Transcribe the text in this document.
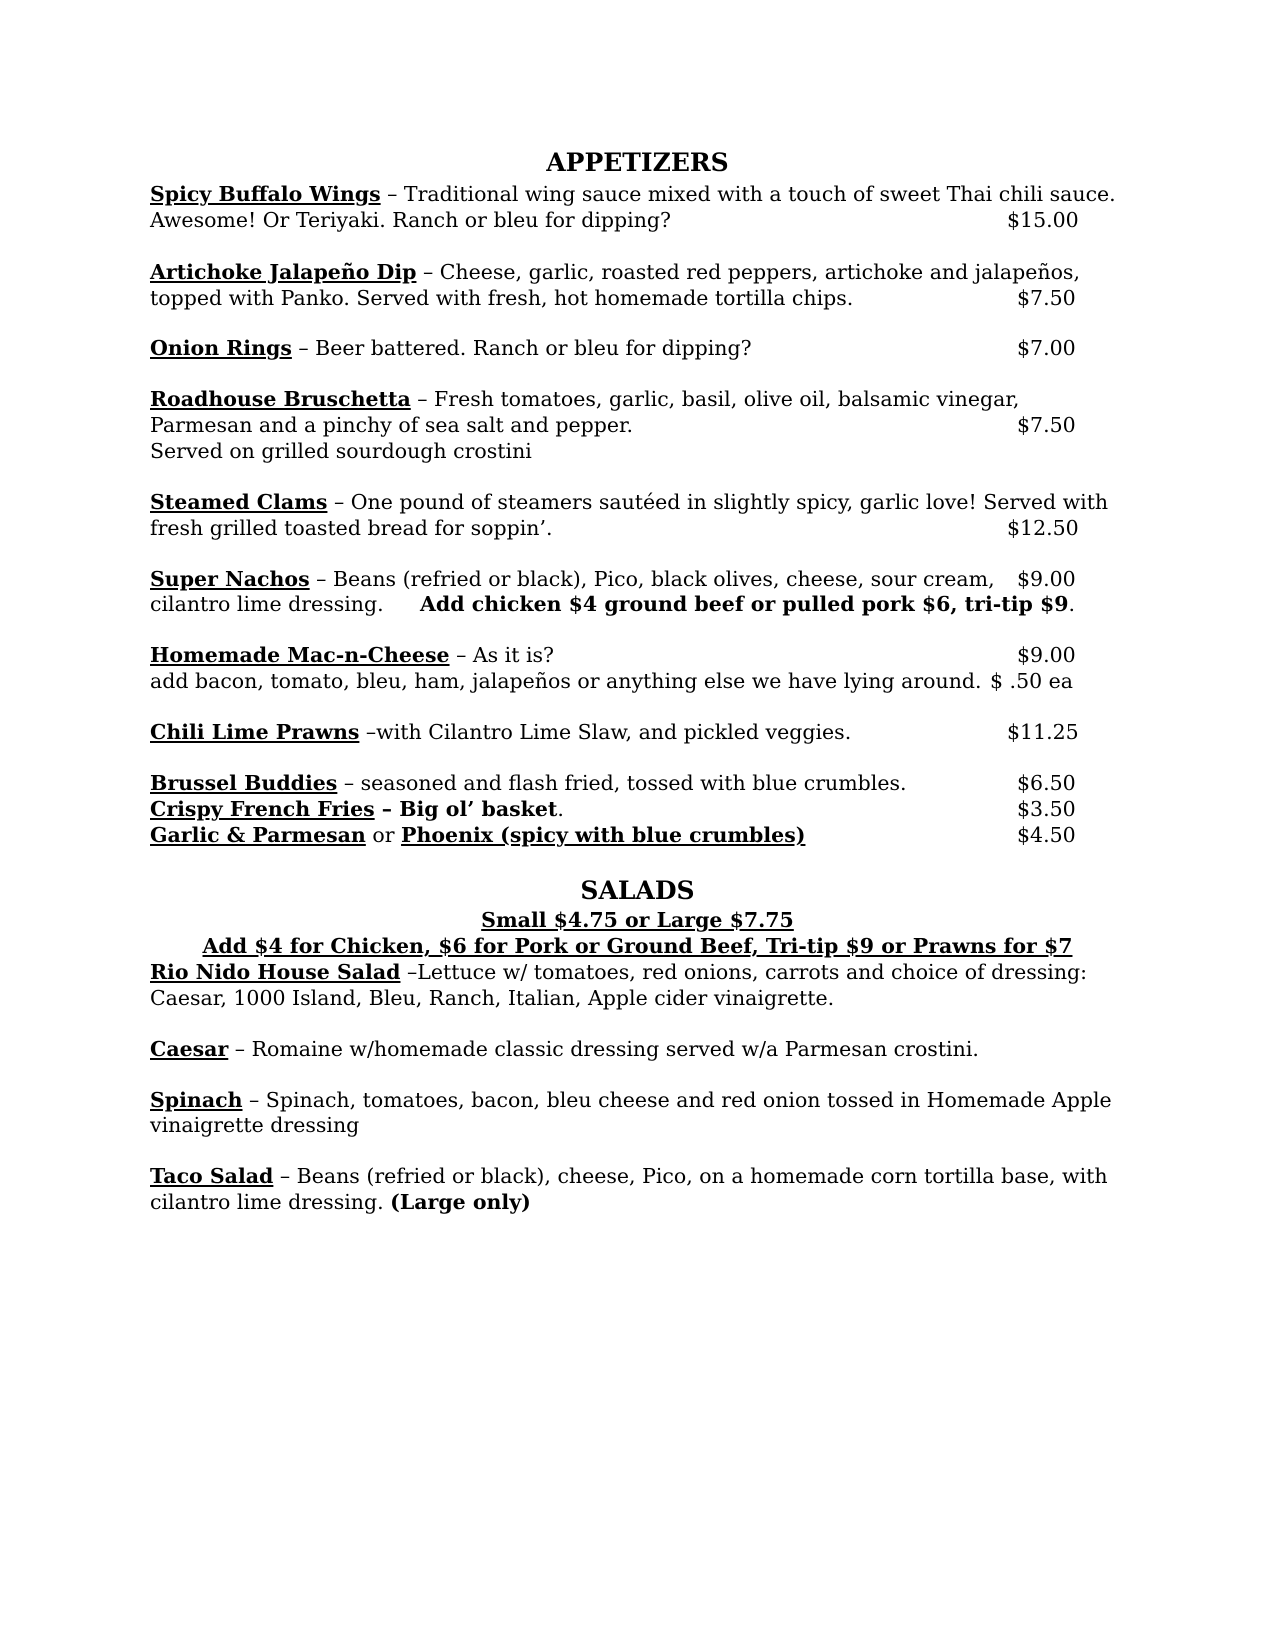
APPETIZERS
Spicy Buffalo Wings – Traditional wing sauce mixed with a touch of sweet Thai chili sauce.
Awesome! Or Teriyaki. Ranch or bleu for dipping?	$15.00
Artichoke Jalapeño Dip – Cheese, garlic, roasted red peppers, artichoke and jalapeños,
topped with Panko. Served with fresh, hot homemade tortilla chips.	$7.50
Onion Rings – Beer battered. Ranch or bleu for dipping?	$7.00
Roadhouse Bruschetta – Fresh tomatoes, garlic, basil, olive oil, balsamic vinegar,
Parmesan and a pinchy of sea salt and pepper.	$7.50
Served on grilled sourdough crostini
Steamed Clams – One pound of steamers sautéed in slightly spicy, garlic love! Served with
fresh grilled toasted bread for soppin’.	$12.50
Super Nachos – Beans (refried or black), Pico, black olives, cheese, sour cream, $9.00
cilantro lime dressing. Add chicken $4 ground beef or pulled pork $6, tri-tip $9.
Homemade Mac-n-Cheese – As it is?	$9.00
add bacon, tomato, bleu, ham, jalapeños or anything else we have lying around. $ .50 ea
Chili Lime Prawns –with Cilantro Lime Slaw, and pickled veggies.	$11.25
Brussel Buddies – seasoned and flash fried, tossed with blue crumbles.	$6.50
Crispy French Fries – Big ol’ basket.	$3.50
Garlic & Parmesan or Phoenix (spicy with blue crumbles)	$4.50
SALADS
Small $4.75 or Large $7.75
Add $4 for Chicken, $6 for Pork or Ground Beef, Tri-tip $9 or Prawns for $7
Rio Nido House Salad –Lettuce w/ tomatoes, red onions, carrots and choice of dressing:
Caesar, 1000 Island, Bleu, Ranch, Italian, Apple cider vinaigrette.
Caesar – Romaine w/homemade classic dressing served w/a Parmesan crostini.
Spinach – Spinach, tomatoes, bacon, bleu cheese and red onion tossed in Homemade Apple
vinaigrette dressing
Taco Salad – Beans (refried or black), cheese, Pico, on a homemade corn tortilla base, with
cilantro lime dressing. (Large only)
